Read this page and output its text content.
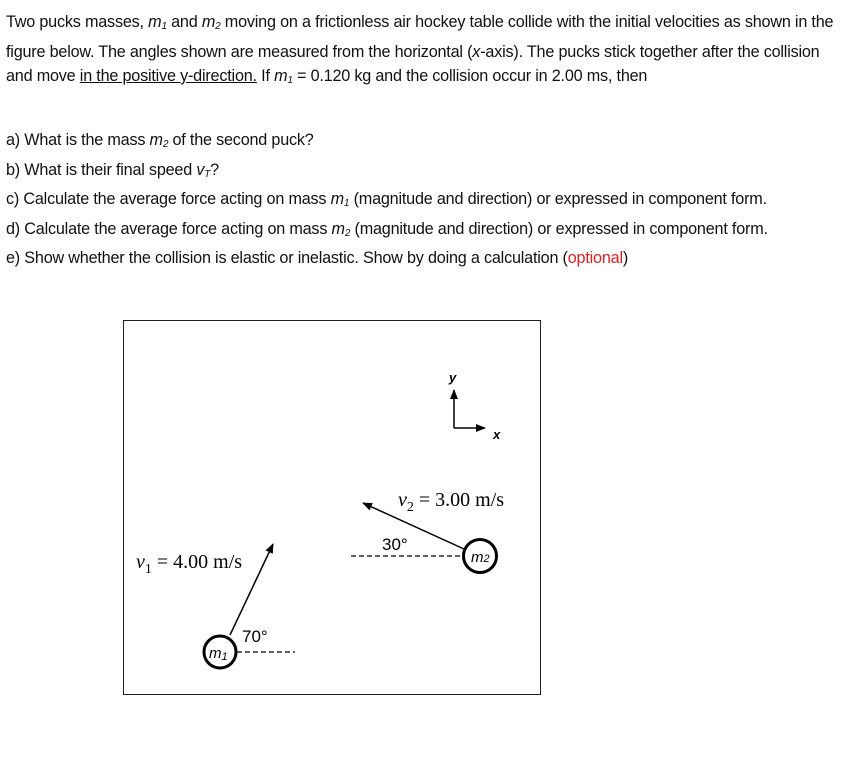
Two pucks masses, $m_1$ and $m_2$ moving on a frictionless air hockey table collide with the initial velocities as shown in the figure below. The angles shown are measured from the horizontal (x-axis). The pucks stick together after the collision and move in the positive y-direction. If $m_1 = 0.120$ kg and the collision occur in 2.00 ms, then
a) What is the mass $m_2$ of the second puck?
b) What is their final speed $v_T$?
c) Calculate the average force acting on mass $m_1$ (magnitude and direction) or expressed in component form.
d) Calculate the average force acting on mass $m_2$ (magnitude and direction) or expressed in component form.
e) Show whether the collision is elastic or inelastic. Show by doing a calculation (optional)
y
x
m2
30°
$v_2 = 3.00$ m/s
m1
70°
$v_1 = 4.00$ m/s
